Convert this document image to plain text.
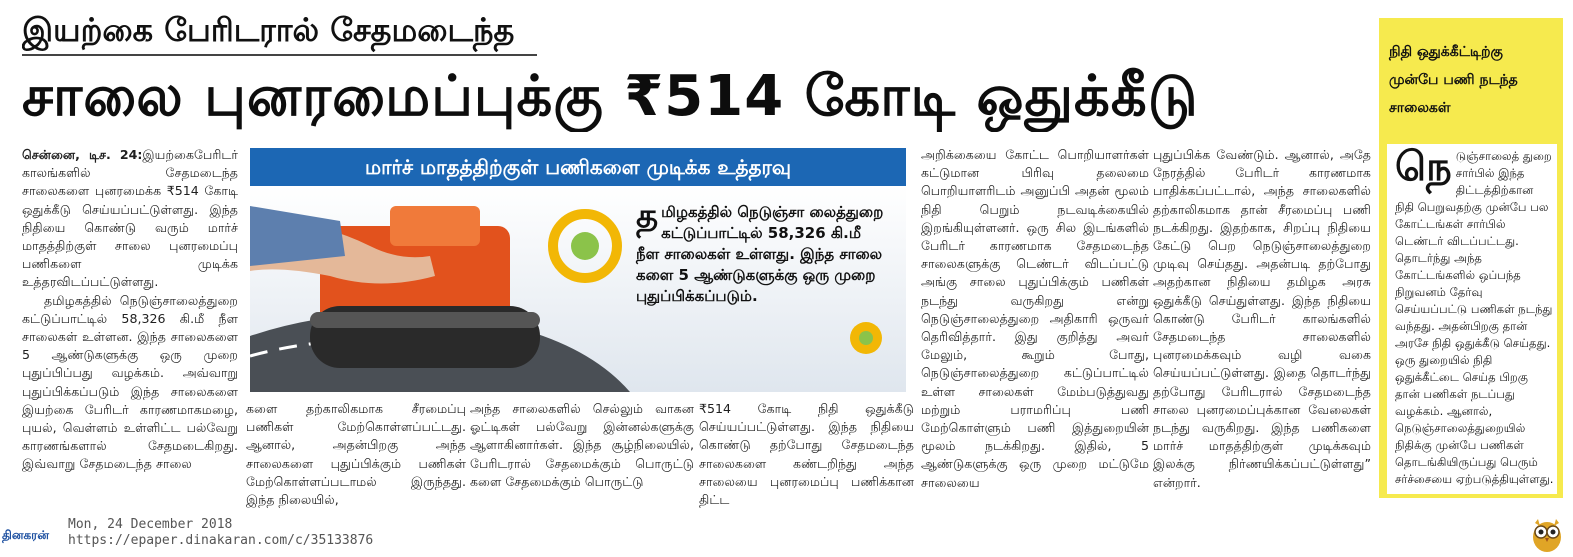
இயற்கை பேரிடரால் சேதமடைந்த
சாலை புனரமைப்புக்கு ₹514 கோடி ஒதுக்கீடு

சென்னை, டிச. 24:இயற்கைபேரிடர் காலங்களில் சேதமடைந்த சாலைகளை புனரமைக்க ₹514 கோடி ஒதுக்கீடு செய்யப்பட்டுள்ளது. இந்த நிதியை கொண்டு வரும் மார்ச் மாதத்திற்குள் சாலை புனரமைப்பு பணிகளை முடிக்க உத்தரவிடப்பட்டுள்ளது.

தமிழகத்தில் நெடுஞ்சாலைத்துறை கட்டுப்பாட்டில் 58,326 கி.மீ நீள சாலைகள் உள்ளன. இந்த சாலைகளை 5 ஆண்டுகளுக்கு ஒரு முறை புதுப்பிப்பது வழக்கம். அவ்வாறு புதுப்பிக்கப்படும் இந்த சாலைகளை இயற்கை பேரிடர் காரணமாகமழை, புயல், வெள்ளம் உள்ளிட்ட பல்வேறு காரணங்களால் சேதமடைகிறது. இவ்வாறு சேதமடைந்த சாலை

மார்ச் மாதத்திற்குள் பணிகளை முடிக்க உத்தரவு
தமிழகத்தில் நெடுஞ்சா லைத்துறை கட்டுப்பாட்டில் 58,326 கி.மீ நீள சாலைகள் உள்ளது. இந்த சாலை களை 5 ஆண்டுகளுக்கு ஒரு முறை புதுப்பிக்கப்படும்.

களை தற்காலிகமாக சீரமைப்பு பணிகள் மேற்கொள்ளப்பட்டது. ஆனால், அதன்பிறகு அந்த சாலைகளை புதுப்பிக்கும் பணிகள் மேற்கொள்ளப்படாமல் இருந்தது. இந்த நிலையில்,

அந்த சாலைகளில் செல்லும் வாகன ஓட்டிகள் பல்வேறு இன்னல்களுக்கு ஆளாகினார்கள். இந்த சூழ்நிலையில், பேரிடரால் சேதமைக்கும் பொருட்டு களை சேதமைக்கும் பொருட்டு

₹514 கோடி நிதி ஒதுக்கீடு செய்யப்பட்டுள்ளது. இந்த நிதியை கொண்டு தற்போது சேதமடைந்த சாலைகளை கண்டறிந்து அந்த சாலையை புனரமைப்பு பணிக்கான திட்ட

அறிக்கையை கோட்ட பொறியாளர்கள் கட்டுமான பிரிவு தலைமை பொறியாளரிடம் அனுப்பி அதன் மூலம் நிதி பெறும் நடவடிக்கையில் இறங்கியுள்ளனர். ஒரு சில இடங்களில் பேரிடர் காரணமாக சேதமடைந்த சாலைகளுக்கு டெண்டர் விடப்பட்டு அங்கு சாலை புதுப்பிக்கும் பணிகள் நடந்து வருகிறது என்று நெடுஞ்சாலைத்துறை அதிகாரி ஒருவர் தெரிவித்தார். இது குறித்து அவர் மேலும், கூறும் போது, நெடுஞ்சாலைத்துறை கட்டுப்பாட்டில் உள்ள சாலைகள் மேம்படுத்துவது மற்றும் பராமரிப்பு பணி மேற்கொள்ளும் பணி இத்துறையின் மூலம் நடக்கிறது. இதில், 5 ஆண்டுகளுக்கு ஒரு முறை மட்டுமே சாலையை

புதுப்பிக்க வேண்டும். ஆனால், அதே நேரத்தில் பேரிடர் காரணமாக பாதிக்கப்பட்டால், அந்த சாலைகளில் தற்காலிகமாக தான் சீரமைப்பு பணி நடக்கிறது. இதற்காக, சிறப்பு நிதியை கேட்டு பெற நெடுஞ்சாலைத்துறை முடிவு செய்தது. அதன்படி தற்போது அதற்கான நிதியை தமிழக அரசு ஒதுக்கீடு செய்துள்ளது. இந்த நிதியை கொண்டு பேரிடர் காலங்களில் சேதமடைந்த சாலைகளில் புனரமைக்கவும் வழி வகை செய்யப்பட்டுள்ளது. இதை தொடர்ந்து தற்போது பேரிடரால் சேதமடைந்த சாலை புனரமைப்புக்கான வேலைகள் நடந்து வருகிறது. இந்த பணிகளை மார்ச் மாதத்திற்குள் முடிக்கவும் இலக்கு நிர்ணயிக்கப்பட்டுள்ளது” என்றார்.

நிதி ஒதுக்கீட்டிற்கு முன்பே பணி நடந்த சாலைகள்
நெடுஞ்சாலைத் துறை சார்பில் இந்த திட்டத்திற்கான நிதி பெறுவதற்கு முன்பே பல கோட்டங்கள் சார்பில் டெண்டர் விடப்பட்டது. தொடர்ந்து அந்த கோட்டங்களில் ஒப்பந்த நிறுவனம் தேர்வு செய்யப்பட்டு பணிகள் நடந்து வந்தது. அதன்பிறகு தான் அரசே நிதி ஒதுக்கீடு செய்தது. ஒரு துறையில் நிதி ஒதுக்கீட்டை செய்த பிறகு தான் பணிகள் நடப்பது வழக்கம். ஆனால், நெடுஞ்சாலைத்துறையில் நிதிக்கு முன்பே பணிகள் தொடங்கியிருப்பது பெரும் சர்ச்சையை ஏற்படுத்தியுள்ளது.
தினகரன்
Mon, 24 December 2018
https://epaper.dinakaran.com/c/35133876
